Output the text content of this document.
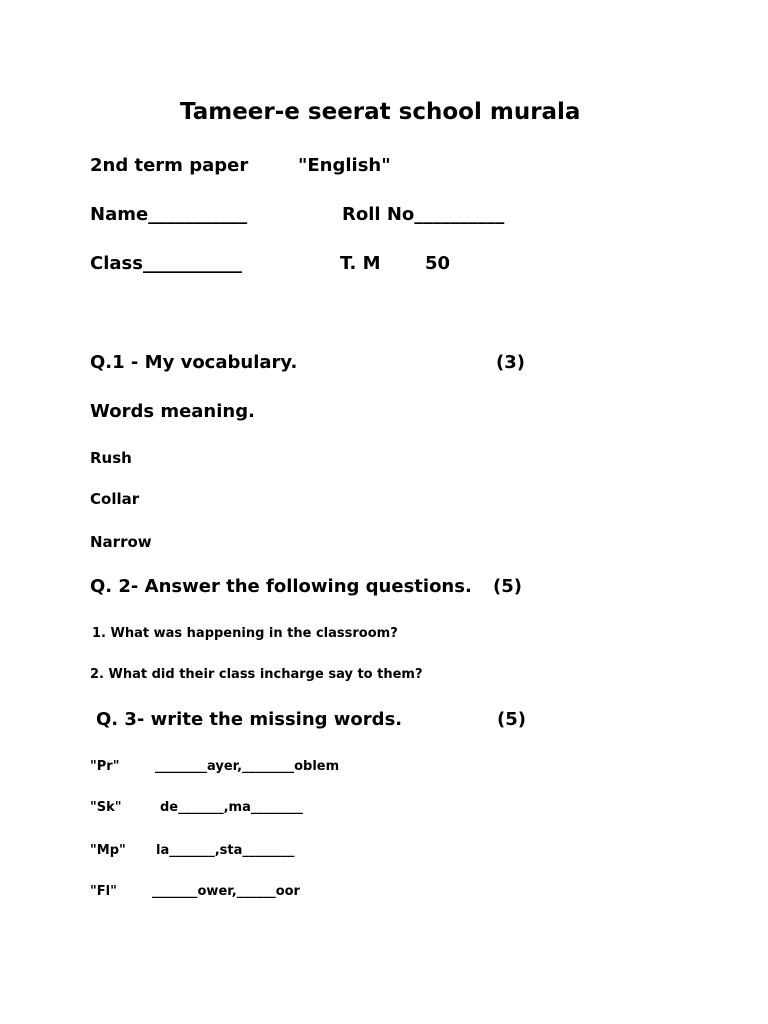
Tameer-e seerat school murala
2nd term paper	"English"
Name___________	Roll No__________
Class___________	T. M 50
Q.1 - My vocabulary.	(3)
Words meaning.
Rush
Collar
Narrow
Q. 2- Answer the following questions. (5)
1. What was happening in the classroom?
2. What did their class incharge say to them?
Q. 3- write the missing words.	(5)
"Pr"	________ayer,________oblem
"Sk"	de_______,ma________
"Mp" la_______,sta________
"Fl"	_______ower,______oor
